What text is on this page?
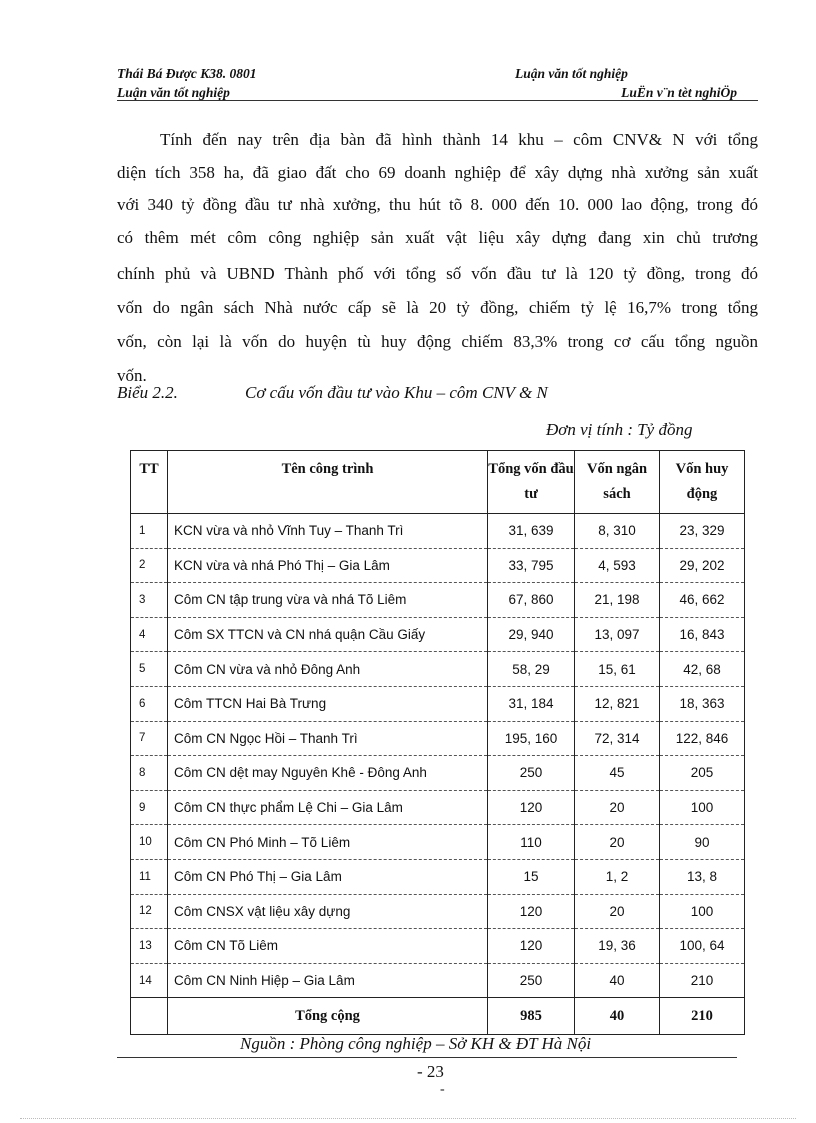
Thái Bá Được K38. 0801	Luận văn tốt nghiệp
Luận văn tốt nghiệp	LuËn v¨n tèt nghiÖp
Tính đến nay trên địa bàn đã hình thành 14 khu – côm CNV& N với tổng
diện tích 358 ha, đã giao đất cho 69 doanh nghiệp để xây dựng nhà xưởng sản xuất
với 340 tỷ đồng đầu tư nhà xưởng, thu hút tõ 8. 000 đến 10. 000 lao động, trong đó
có thêm mét côm công nghiệp sản xuất vật liệu xây dựng đang xin chủ trương
chính phủ và UBND Thành phố với tổng số vốn đầu tư là 120 tỷ đồng, trong đó
vốn do ngân sách Nhà nước cấp sẽ là 20 tỷ đồng, chiếm tỷ lệ 16,7% trong tổng
vốn, còn lại là vốn do huyện tù huy động chiếm 83,3% trong cơ cấu tổng nguồn
vốn.
Biểu 2.2.	Cơ cấu vốn đầu tư vào Khu – côm CNV & N
Đơn vị tính : Tỷ đồng
TT	Tên công trình	Tổng vốn đầu tư	Vốn ngân sách	Vốn huy động
1	KCN vừa và nhỏ Vĩnh Tuy – Thanh Trì	31, 639	8, 310	23, 329
2	KCN vừa và nhá Phó Thị – Gia Lâm	33, 795	4, 593	29, 202
3	Côm CN tập trung vừa và nhá Tõ Liêm	67, 860	21, 198	46, 662
4	Côm SX TTCN và CN nhá quận Cầu Giấy	29, 940	13, 097	16, 843
5	Côm CN vừa và nhỏ Đông Anh	58, 29	15, 61	42, 68
6	Côm TTCN Hai Bà Trưng	31, 184	12, 821	18, 363
7	Côm CN Ngọc Hồi – Thanh Trì	195, 160	72, 314	122, 846
8	Côm CN dệt may Nguyên Khê - Đông Anh	250	45	205
9	Côm CN thực phẩm Lệ Chi – Gia Lâm	120	20	100
10	Côm CN Phó Minh – Tõ Liêm	110	20	90
11	Côm CN Phó Thị – Gia Lâm	15	1, 2	13, 8
12	Côm CNSX vật liệu xây dựng	120	20	100
13	Côm CN Tõ Liêm	120	19, 36	100, 64
14	Côm CN Ninh Hiệp – Gia Lâm	250	40	210
	Tổng cộng	985	40	210
Nguồn : Phòng công nghiệp – Sở KH & ĐT Hà Nội
- 23
-
